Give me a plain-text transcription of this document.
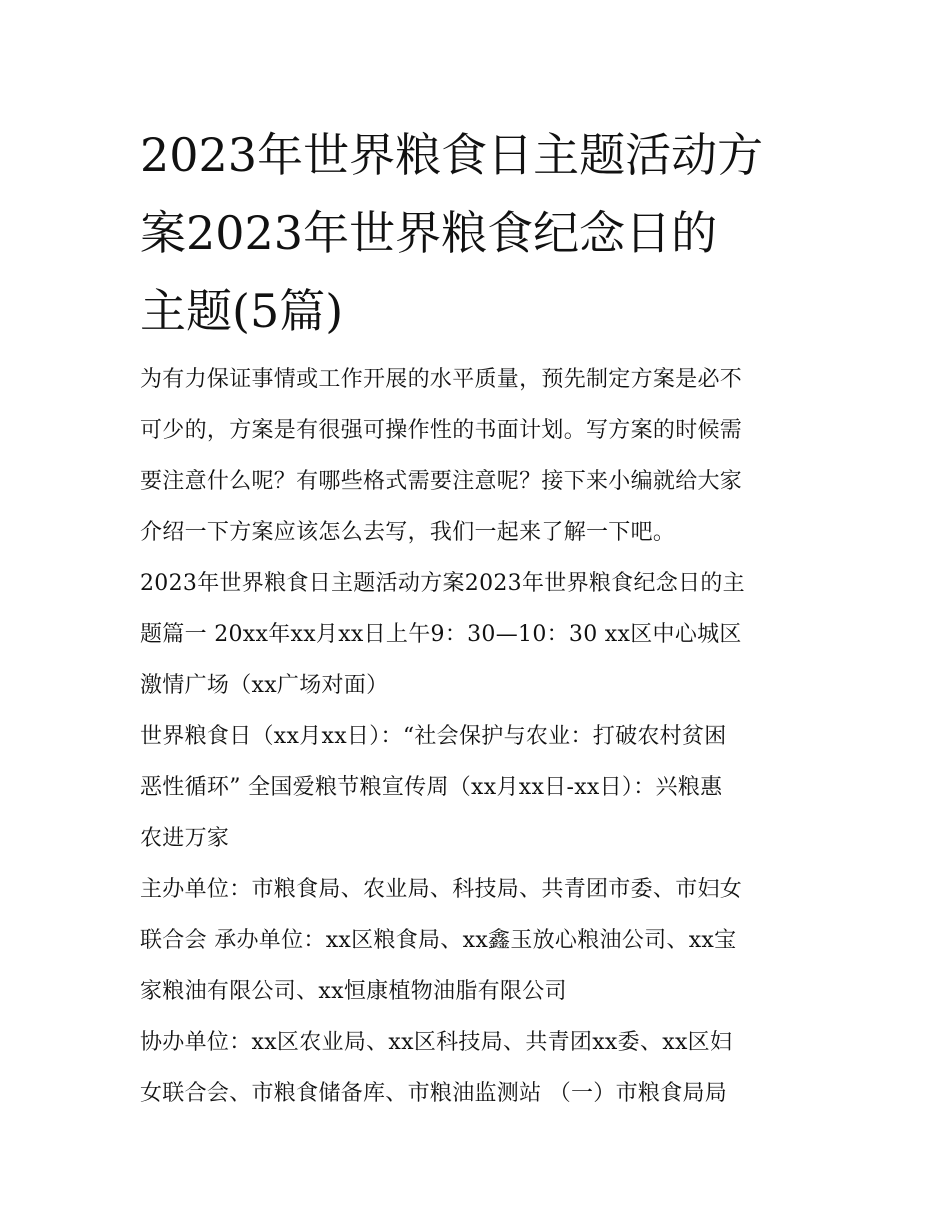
2023年世界粮食日主题活动方
案2023年世界粮食纪念日的
主题(5篇)

为有力保证事情或工作开展的水平质量，预先制定方案是必不
可少的，方案是有很强可操作性的书面计划。写方案的时候需
要注意什么呢？有哪些格式需要注意呢？接下来小编就给大家
介绍一下方案应该怎么去写，我们一起来了解一下吧。

2023年世界粮食日主题活动方案2023年世界粮食纪念日的主
题篇一 20xx年xx月xx日上午9：30—10：30 xx区中心城区
激情广场（xx广场对面）

世界粮食日（xx月xx日）：“社会保护与农业：打破农村贫困
恶性循环” 全国爱粮节粮宣传周（xx月xx日-xx日）：兴粮惠
农进万家

主办单位：市粮食局、农业局、科技局、共青团市委、市妇女
联合会 承办单位：xx区粮食局、xx鑫玉放心粮油公司、xx宝
家粮油有限公司、xx恒康植物油脂有限公司

协办单位：xx区农业局、xx区科技局、共青团xx委、xx区妇
女联合会、市粮食储备库、市粮油监测站 （一）市粮食局局
